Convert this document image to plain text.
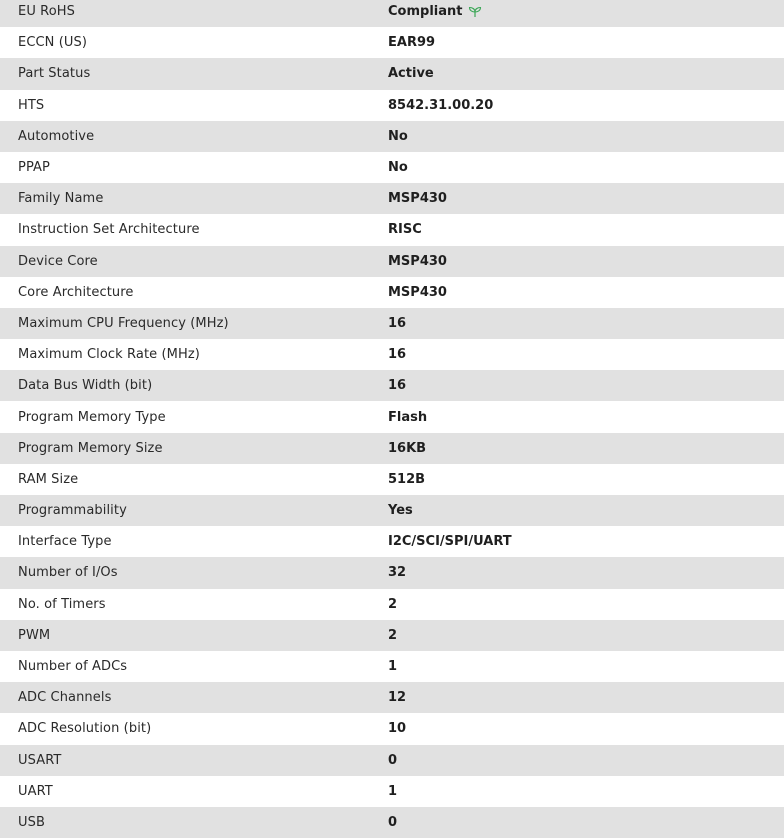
EU RoHS	Compliant
ECCN (US)	EAR99
Part Status	Active
HTS	8542.31.00.20
Automotive	No
PPAP	No
Family Name	MSP430
Instruction Set Architecture	RISC
Device Core	MSP430
Core Architecture	MSP430
Maximum CPU Frequency (MHz)	16
Maximum Clock Rate (MHz)	16
Data Bus Width (bit)	16
Program Memory Type	Flash
Program Memory Size	16KB
RAM Size	512B
Programmability	Yes
Interface Type	I2C/SCI/SPI/UART
Number of I/Os	32
No. of Timers	2
PWM	2
Number of ADCs	1
ADC Channels	12
ADC Resolution (bit)	10
USART	0
UART	1
USB	0
